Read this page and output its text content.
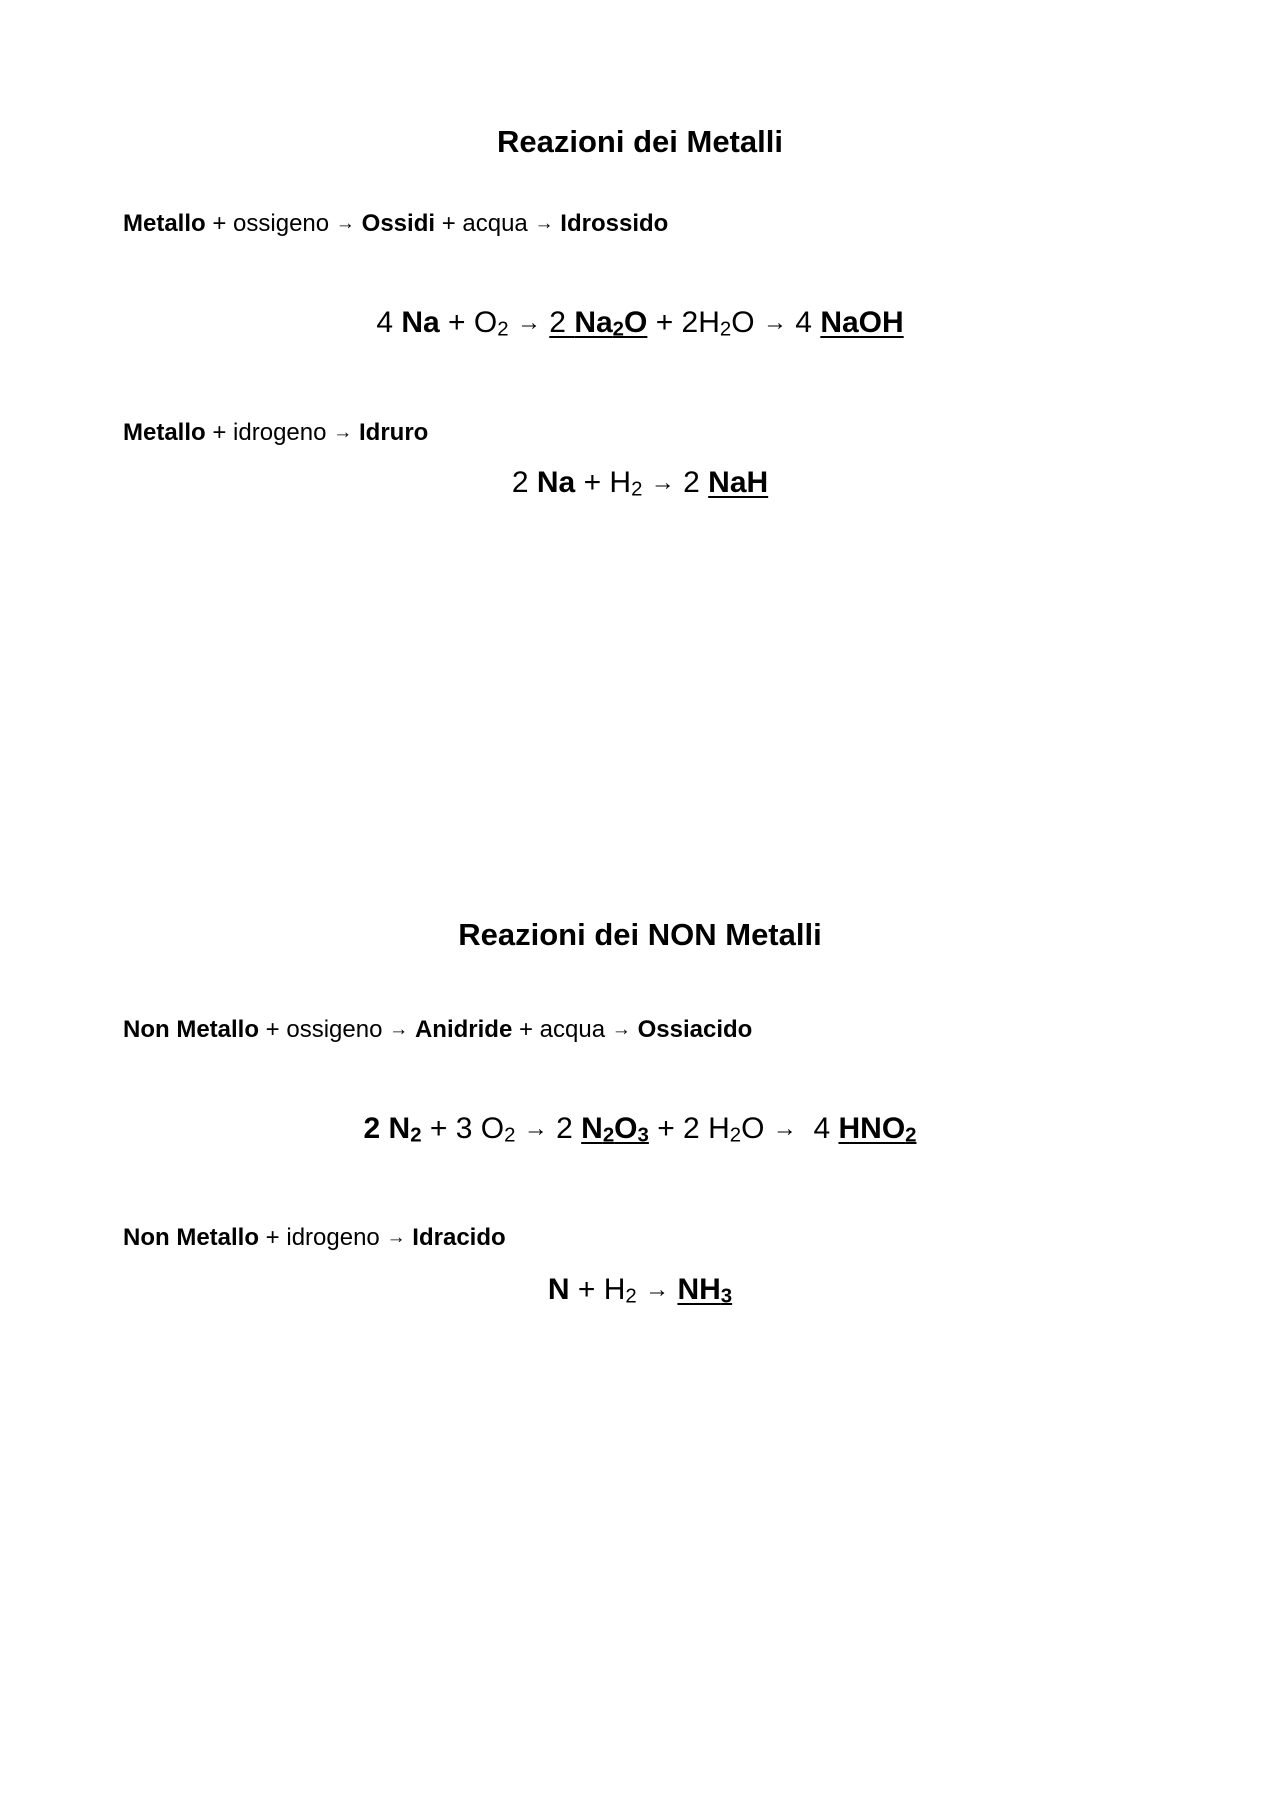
Reazioni dei Metalli

Metallo + ossigeno → Ossidi + acqua → Idrossido

4 $Na + O_2 \to 2$ $Na_2O + 2H_2O \to 4$ NaOH

Metallo + idrogeno → Idruro

2 $Na + H_2 \to 2$ NaH

Reazioni dei NON Metalli

Non Metallo + ossigeno → Anidride + acqua → Ossiacido

2 $N_2 + 3$ $O_2 \to 2$ $N_2O_3 + 2$ $H_2O \to 4$ $HNO_2$

Non Metallo + idrogeno → Idracido

$N + H_2 \to NH_3$
